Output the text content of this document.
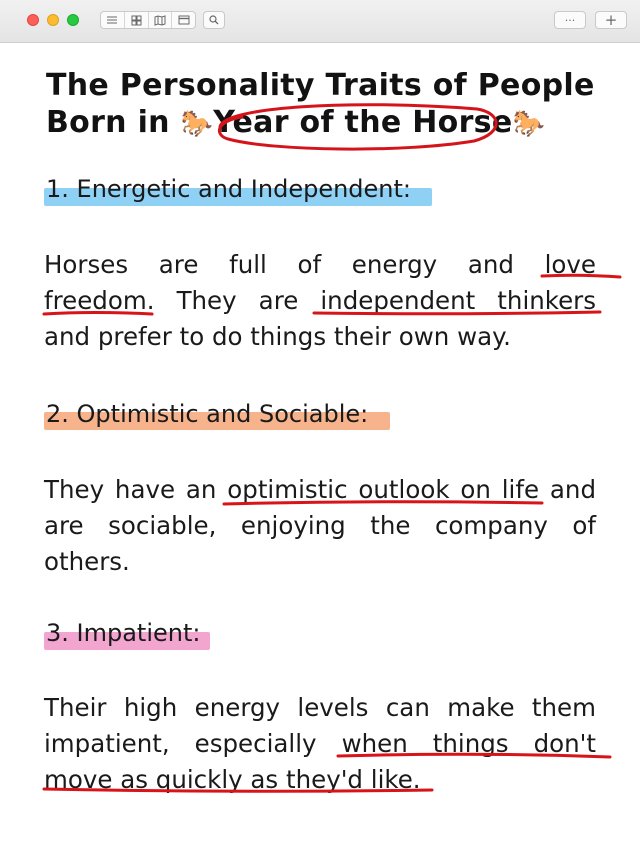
···	+
The Personality Traits of People
Born in 🐎Year of the Horse🐎
1. Energetic and Independent:

Horses are full of energy and love
freedom. They are independent thinkers
and prefer to do things their own way.

2. Optimistic and Sociable:

They have an optimistic outlook on life and
are sociable, enjoying the company of
others.

3. Impatient:

Their high energy levels can make them
impatient, especially when things don't
move as quickly as they'd like.
